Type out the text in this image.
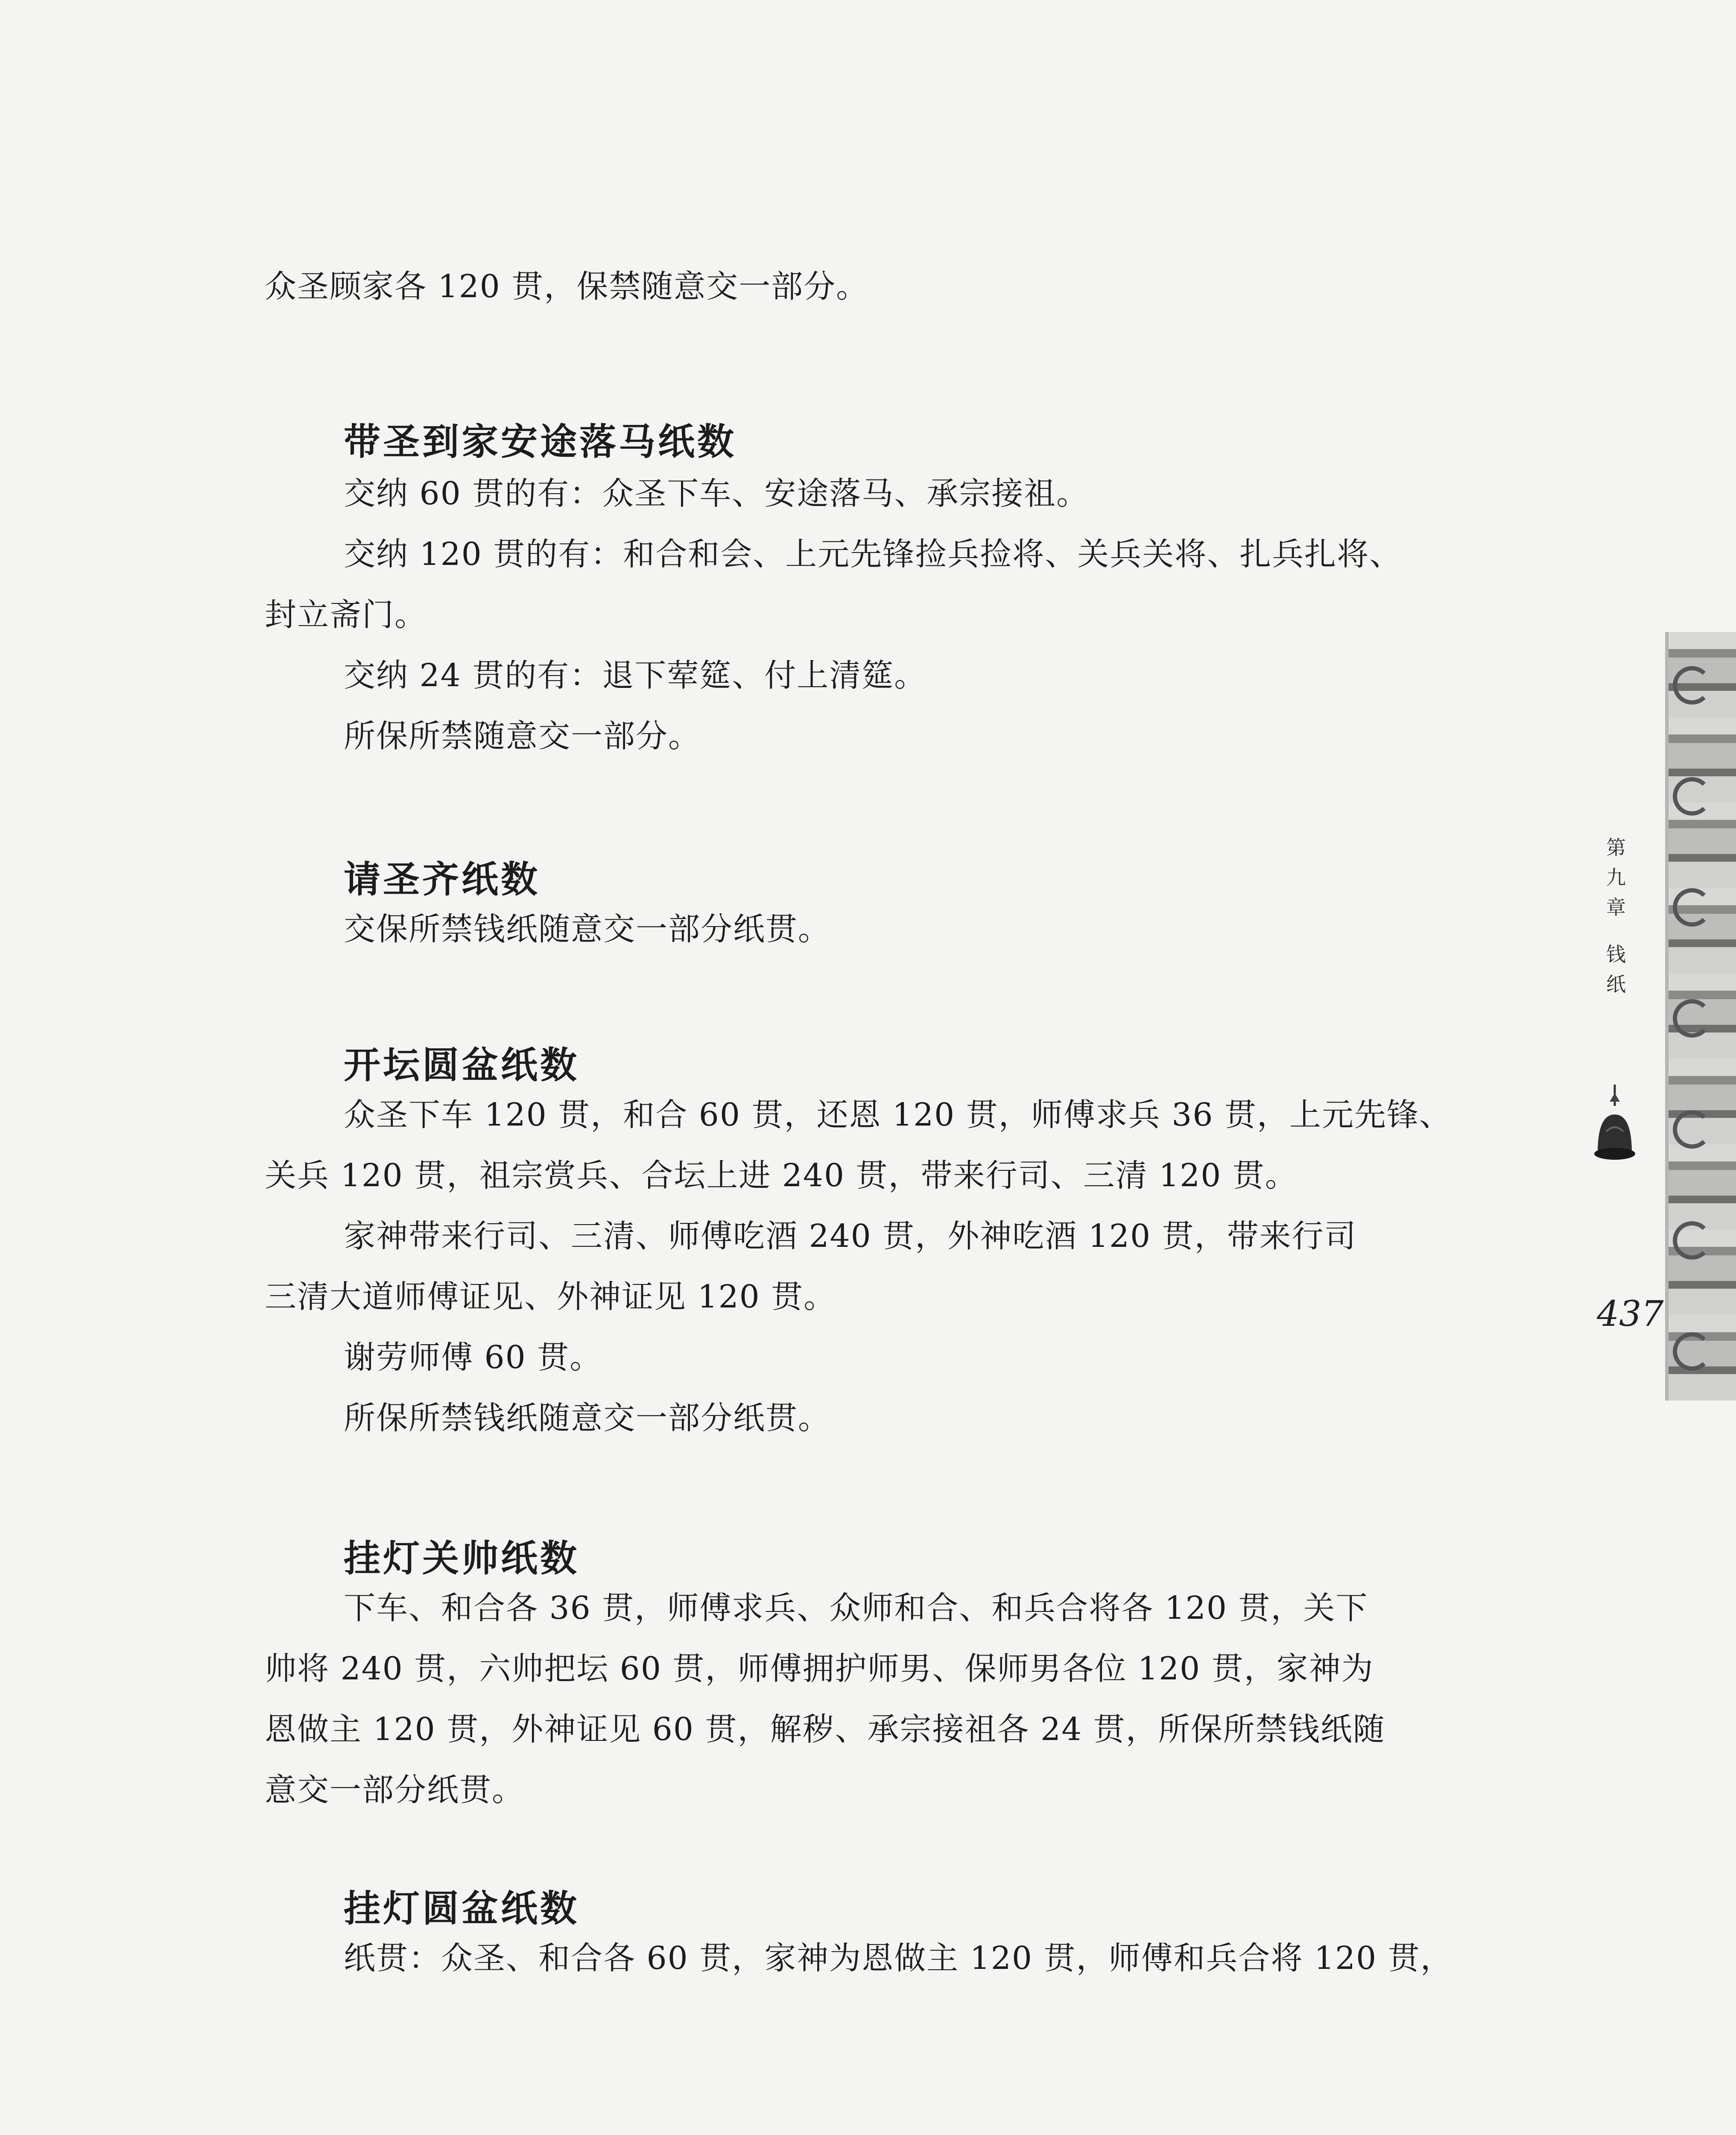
众圣顾家各 120 贯，保禁随意交一部分。
带圣到家安途落马纸数
交纳 60 贯的有：众圣下车、安途落马、承宗接祖。
交纳 120 贯的有：和合和会、上元先锋捡兵捡将、关兵关将、扎兵扎将、
封立斋门。
交纳 24 贯的有：退下荤筵、付上清筵。
所保所禁随意交一部分。
请圣齐纸数
交保所禁钱纸随意交一部分纸贯。
开坛圆盆纸数
众圣下车 120 贯，和合 60 贯，还恩 120 贯，师傅求兵 36 贯，上元先锋、
关兵 120 贯，祖宗赏兵、合坛上进 240 贯，带来行司、三清 120 贯。
家神带来行司、三清、师傅吃酒 240 贯，外神吃酒 120 贯，带来行司
三清大道师傅证见、外神证见 120 贯。
谢劳师傅 60 贯。
所保所禁钱纸随意交一部分纸贯。
挂灯关帅纸数
下车、和合各 36 贯，师傅求兵、众师和合、和兵合将各 120 贯，关下
帅将 240 贯，六帅把坛 60 贯，师傅拥护师男、保师男各位 120 贯，家神为
恩做主 120 贯，外神证见 60 贯，解秽、承宗接祖各 24 贯，所保所禁钱纸随
意交一部分纸贯。
挂灯圆盆纸数
纸贯：众圣、和合各 60 贯，家神为恩做主 120 贯，师傅和兵合将 120 贯，
第
九
章
钱
纸
437
